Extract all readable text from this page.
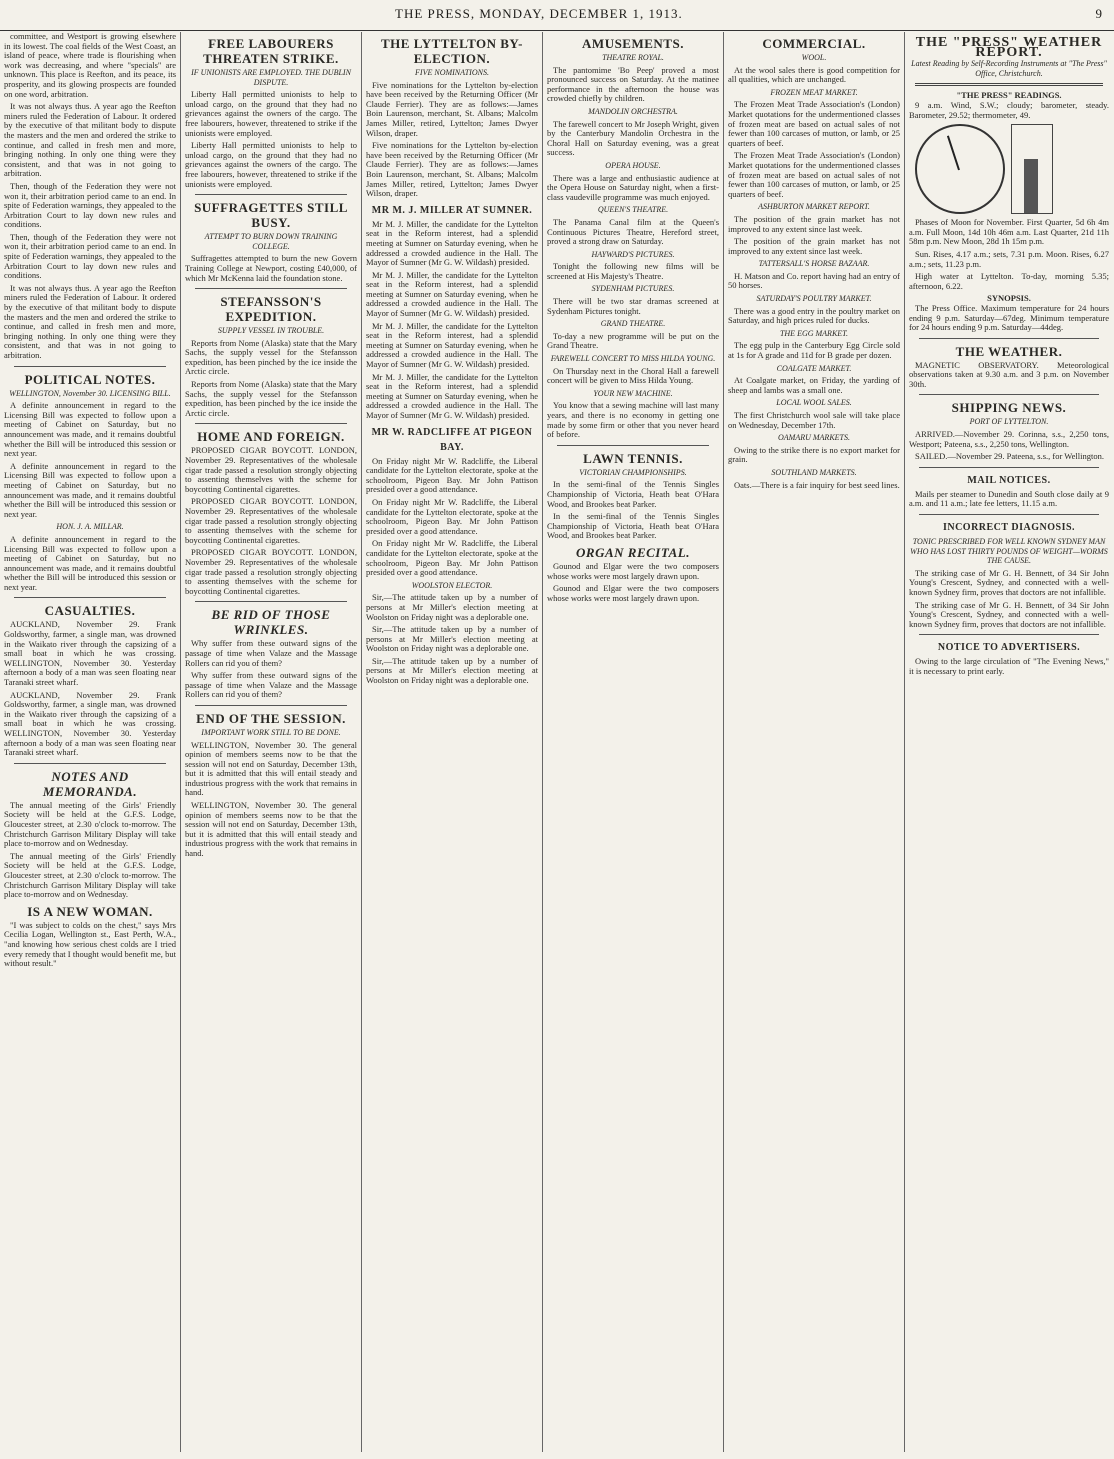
THE PRESS, MONDAY, DECEMBER 1, 1913.	9

committee, and Westport is growing elsewhere in its lowest. The coal fields of the West Coast, an island of peace, where trade is flourishing when work was decreasing, and where "specials" are unknown. This place is Reefton, and its peace, its prosperity, and its glowing prospects are founded on one word, arbitration.

It was not always thus. A year ago the Reefton miners ruled the Federation of Labour. It ordered by the executive of that militant body to dispute the masters and the men and ordered the strike to continue, and called in fresh men and more, bringing nothing. In only one thing were they consistent, and that was in not going to arbitration.

Then, though of the Federation they were not won it, their arbitration period came to an end. In spite of Federation warnings, they appealed to the Arbitration Court to lay down new rules and conditions.

Then, though of the Federation they were not won it, their arbitration period came to an end. In spite of Federation warnings, they appealed to the Arbitration Court to lay down new rules and conditions.

It was not always thus. A year ago the Reefton miners ruled the Federation of Labour. It ordered by the executive of that militant body to dispute the masters and the men and ordered the strike to continue, and called in fresh men and more, bringing nothing. In only one thing were they consistent, and that was in not going to arbitration.

POLITICAL NOTES.
WELLINGTON, November 30. LICENSING BILL.

A definite announcement in regard to the Licensing Bill was expected to follow upon a meeting of Cabinet on Saturday, but no announcement was made, and it remains doubtful whether the Bill will be introduced this session or next year.

A definite announcement in regard to the Licensing Bill was expected to follow upon a meeting of Cabinet on Saturday, but no announcement was made, and it remains doubtful whether the Bill will be introduced this session or next year.

HON. J. A. MILLAR.

A definite announcement in regard to the Licensing Bill was expected to follow upon a meeting of Cabinet on Saturday, but no announcement was made, and it remains doubtful whether the Bill will be introduced this session or next year.

CASUALTIES.

AUCKLAND, November 29. Frank Goldsworthy, farmer, a single man, was drowned in the Waikato river through the capsizing of a small boat in which he was crossing. WELLINGTON, November 30. Yesterday afternoon a body of a man was seen floating near Taranaki street wharf.

AUCKLAND, November 29. Frank Goldsworthy, farmer, a single man, was drowned in the Waikato river through the capsizing of a small boat in which he was crossing. WELLINGTON, November 30. Yesterday afternoon a body of a man was seen floating near Taranaki street wharf.

NOTES AND MEMORANDA.

The annual meeting of the Girls' Friendly Society will be held at the G.F.S. Lodge, Gloucester street, at 2.30 o'clock to-morrow. The Christchurch Garrison Military Display will take place to-morrow and on Wednesday.

The annual meeting of the Girls' Friendly Society will be held at the G.F.S. Lodge, Gloucester street, at 2.30 o'clock to-morrow. The Christchurch Garrison Military Display will take place to-morrow and on Wednesday.

IS A NEW WOMAN.

"I was subject to colds on the chest," says Mrs Cecilia Logan, Wellington st., East Perth, W.A., "and knowing how serious chest colds are I tried every remedy that I thought would benefit me, but without result."

FREE LABOURERS THREATEN STRIKE.
IF UNIONISTS ARE EMPLOYED. THE DUBLIN DISPUTE.

Liberty Hall permitted unionists to help to unload cargo, on the ground that they had no grievances against the owners of the cargo. The free labourers, however, threatened to strike if the unionists were employed.

Liberty Hall permitted unionists to help to unload cargo, on the ground that they had no grievances against the owners of the cargo. The free labourers, however, threatened to strike if the unionists were employed.

SUFFRAGETTES STILL BUSY.
ATTEMPT TO BURN DOWN TRAINING COLLEGE.

Suffragettes attempted to burn the new Govern Training College at Newport, costing £40,000, of which Mr McKenna laid the foundation stone.

STEFANSSON'S EXPEDITION.
SUPPLY VESSEL IN TROUBLE.

Reports from Nome (Alaska) state that the Mary Sachs, the supply vessel for the Stefansson expedition, has been pinched by the ice inside the Arctic circle.

Reports from Nome (Alaska) state that the Mary Sachs, the supply vessel for the Stefansson expedition, has been pinched by the ice inside the Arctic circle.

HOME AND FOREIGN.

PROPOSED CIGAR BOYCOTT. LONDON, November 29. Representatives of the wholesale cigar trade passed a resolution strongly objecting to assenting themselves with the scheme for boycotting Continental cigarettes.

PROPOSED CIGAR BOYCOTT. LONDON, November 29. Representatives of the wholesale cigar trade passed a resolution strongly objecting to assenting themselves with the scheme for boycotting Continental cigarettes.

PROPOSED CIGAR BOYCOTT. LONDON, November 29. Representatives of the wholesale cigar trade passed a resolution strongly objecting to assenting themselves with the scheme for boycotting Continental cigarettes.

BE RID OF THOSE WRINKLES.

Why suffer from these outward signs of the passage of time when Valaze and the Massage Rollers can rid you of them?

Why suffer from these outward signs of the passage of time when Valaze and the Massage Rollers can rid you of them?

END OF THE SESSION.
IMPORTANT WORK STILL TO BE DONE.

WELLINGTON, November 30. The general opinion of members seems now to be that the session will not end on Saturday, December 13th, but it is admitted that this will entail steady and industrious progress with the work that remains in hand.

WELLINGTON, November 30. The general opinion of members seems now to be that the session will not end on Saturday, December 13th, but it is admitted that this will entail steady and industrious progress with the work that remains in hand.

THE LYTTELTON BY-ELECTION.
FIVE NOMINATIONS.

Five nominations for the Lyttelton by-election have been received by the Returning Officer (Mr Claude Ferrier). They are as follows:—James Boin Laurenson, merchant, St. Albans; Malcolm James Miller, retired, Lyttelton; James Dwyer Wilson, draper.

Five nominations for the Lyttelton by-election have been received by the Returning Officer (Mr Claude Ferrier). They are as follows:—James Boin Laurenson, merchant, St. Albans; Malcolm James Miller, retired, Lyttelton; James Dwyer Wilson, draper.

MR M. J. MILLER AT SUMNER.

Mr M. J. Miller, the candidate for the Lyttelton seat in the Reform interest, had a splendid meeting at Sumner on Saturday evening, when he addressed a crowded audience in the Hall. The Mayor of Sumner (Mr G. W. Wildash) presided.

Mr M. J. Miller, the candidate for the Lyttelton seat in the Reform interest, had a splendid meeting at Sumner on Saturday evening, when he addressed a crowded audience in the Hall. The Mayor of Sumner (Mr G. W. Wildash) presided.

Mr M. J. Miller, the candidate for the Lyttelton seat in the Reform interest, had a splendid meeting at Sumner on Saturday evening, when he addressed a crowded audience in the Hall. The Mayor of Sumner (Mr G. W. Wildash) presided.

Mr M. J. Miller, the candidate for the Lyttelton seat in the Reform interest, had a splendid meeting at Sumner on Saturday evening, when he addressed a crowded audience in the Hall. The Mayor of Sumner (Mr G. W. Wildash) presided.

MR W. RADCLIFFE AT PIGEON BAY.

On Friday night Mr W. Radcliffe, the Liberal candidate for the Lyttelton electorate, spoke at the schoolroom, Pigeon Bay. Mr John Pattison presided over a good attendance.

On Friday night Mr W. Radcliffe, the Liberal candidate for the Lyttelton electorate, spoke at the schoolroom, Pigeon Bay. Mr John Pattison presided over a good attendance.

On Friday night Mr W. Radcliffe, the Liberal candidate for the Lyttelton electorate, spoke at the schoolroom, Pigeon Bay. Mr John Pattison presided over a good attendance.

WOOLSTON ELECTOR.

Sir,—The attitude taken up by a number of persons at Mr Miller's election meeting at Woolston on Friday night was a deplorable one.

Sir,—The attitude taken up by a number of persons at Mr Miller's election meeting at Woolston on Friday night was a deplorable one.

Sir,—The attitude taken up by a number of persons at Mr Miller's election meeting at Woolston on Friday night was a deplorable one.

AMUSEMENTS.
THEATRE ROYAL.

The pantomime 'Bo Peep' proved a most pronounced success on Saturday. At the matinee performance in the afternoon the house was crowded chiefly by children.

MANDOLIN ORCHESTRA.

The farewell concert to Mr Joseph Wright, given by the Canterbury Mandolin Orchestra in the Choral Hall on Saturday evening, was a great success.

OPERA HOUSE.

There was a large and enthusiastic audience at the Opera House on Saturday night, when a first-class vaudeville programme was much enjoyed.

QUEEN'S THEATRE.

The Panama Canal film at the Queen's Continuous Pictures Theatre, Hereford street, proved a strong draw on Saturday.

HAYWARD'S PICTURES.

Tonight the following new films will be screened at His Majesty's Theatre.

SYDENHAM PICTURES.

There will be two star dramas screened at Sydenham Pictures tonight.

GRAND THEATRE.

To-day a new programme will be put on the Grand Theatre.

FAREWELL CONCERT TO MISS HILDA YOUNG.

On Thursday next in the Choral Hall a farewell concert will be given to Miss Hilda Young.

YOUR NEW MACHINE.

You know that a sewing machine will last many years, and there is no economy in getting one made by some firm or other that you never heard of before.

LAWN TENNIS.
VICTORIAN CHAMPIONSHIPS.

In the semi-final of the Tennis Singles Championship of Victoria, Heath beat O'Hara Wood, and Brookes beat Parker.

In the semi-final of the Tennis Singles Championship of Victoria, Heath beat O'Hara Wood, and Brookes beat Parker.

ORGAN RECITAL.

Gounod and Elgar were the two composers whose works were most largely drawn upon.

Gounod and Elgar were the two composers whose works were most largely drawn upon.

COMMERCIAL.
WOOL.

At the wool sales there is good competition for all qualities, which are unchanged.

FROZEN MEAT MARKET.

The Frozen Meat Trade Association's (London) Market quotations for the undermentioned classes of frozen meat are based on actual sales of not fewer than 100 carcases of mutton, or lamb, or 25 quarters of beef.

The Frozen Meat Trade Association's (London) Market quotations for the undermentioned classes of frozen meat are based on actual sales of not fewer than 100 carcases of mutton, or lamb, or 25 quarters of beef.

ASHBURTON MARKET REPORT.

The position of the grain market has not improved to any extent since last week.

The position of the grain market has not improved to any extent since last week.

TATTERSALL'S HORSE BAZAAR.

H. Matson and Co. report having had an entry of 50 horses.

SATURDAY'S POULTRY MARKET.

There was a good entry in the poultry market on Saturday, and high prices ruled for ducks.

THE EGG MARKET.

The egg pulp in the Canterbury Egg Circle sold at 1s for A grade and 11d for B grade per dozen.

COALGATE MARKET.

At Coalgate market, on Friday, the yarding of sheep and lambs was a small one.

LOCAL WOOL SALES.

The first Christchurch wool sale will take place on Wednesday, December 17th.

OAMARU MARKETS.

Owing to the strike there is no export market for grain.

SOUTHLAND MARKETS.

Oats.—There is a fair inquiry for best seed lines.

THE "PRESS" WEATHER REPORT.
Latest Reading by Self-Recording Instruments at "The Press" Office, Christchurch.
"THE PRESS" READINGS.

9 a.m. Wind, S.W.; cloudy; barometer, steady. Barometer, 29.52; thermometer, 49.

Phases of Moon for November. First Quarter, 5d 6h 4m a.m. Full Moon, 14d 10h 46m a.m. Last Quarter, 21d 11h 58m p.m. New Moon, 28d 1h 15m p.m.

Sun. Rises, 4.17 a.m.; sets, 7.31 p.m. Moon. Rises, 6.27 a.m.; sets, 11.23 p.m.

High water at Lyttelton. To-day, morning 5.35; afternoon, 6.22.

SYNOPSIS.

The Press Office. Maximum temperature for 24 hours ending 9 p.m. Saturday—67deg. Minimum temperature for 24 hours ending 9 p.m. Saturday—44deg.

THE WEATHER.

MAGNETIC OBSERVATORY. Meteorological observations taken at 9.30 a.m. and 3 p.m. on November 30th.

SHIPPING NEWS.
PORT OF LYTTELTON.

ARRIVED.—November 29. Corinna, s.s., 2,250 tons, Westport; Pateena, s.s., 2,250 tons, Wellington.

SAILED.—November 29. Pateena, s.s., for Wellington.

MAIL NOTICES.

Mails per steamer to Dunedin and South close daily at 9 a.m. and 11 a.m.; late fee letters, 11.15 a.m.

INCORRECT DIAGNOSIS.
TONIC PRESCRIBED FOR WELL KNOWN SYDNEY MAN WHO HAS LOST THIRTY POUNDS OF WEIGHT—WORMS THE CAUSE.

The striking case of Mr G. H. Bennett, of 34 Sir John Young's Crescent, Sydney, and connected with a well-known Sydney firm, proves that doctors are not infallible.

The striking case of Mr G. H. Bennett, of 34 Sir John Young's Crescent, Sydney, and connected with a well-known Sydney firm, proves that doctors are not infallible.

NOTICE TO ADVERTISERS.

Owing to the large circulation of "The Evening News," it is necessary to print early.
